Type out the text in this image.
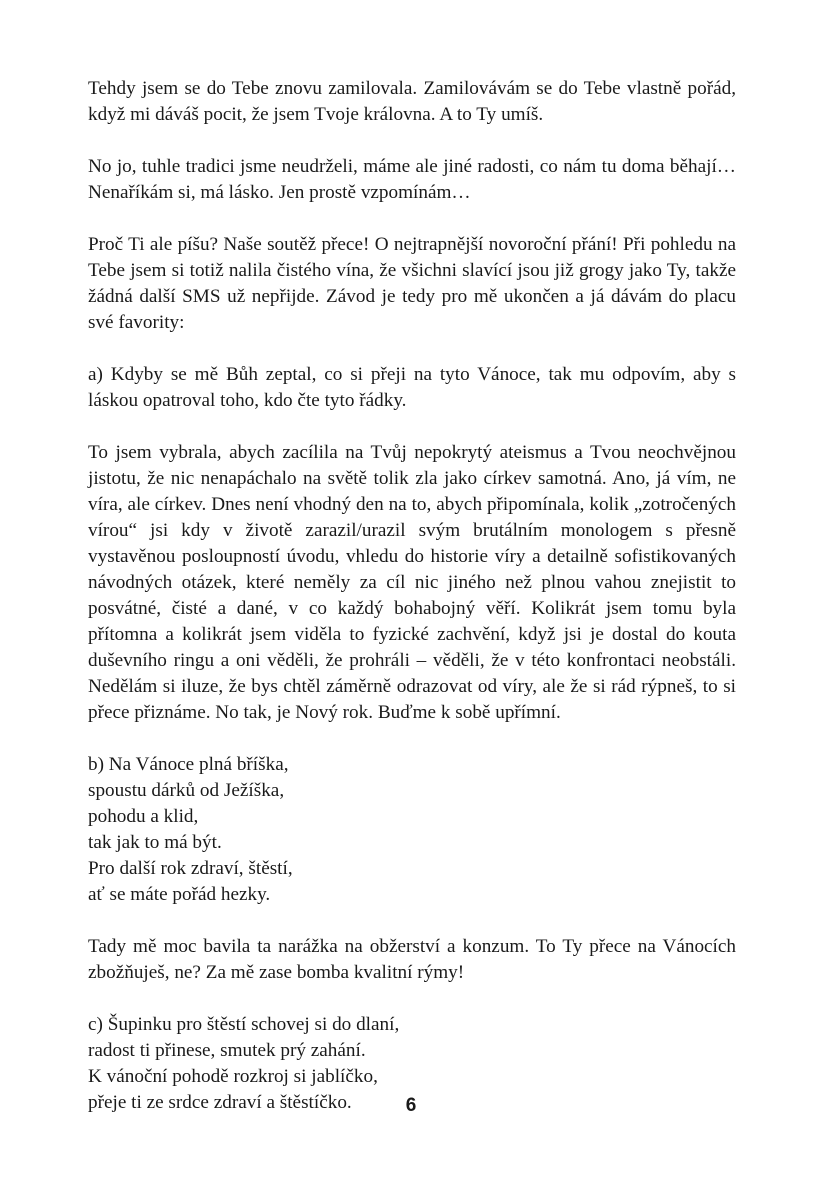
Tehdy jsem se do Tebe znovu zamilovala. Zamilovávám se do Tebe vlastně pořád, když mi dáváš pocit, že jsem Tvoje královna. A to Ty umíš.

No jo, tuhle tradici jsme neudrželi, máme ale jiné radosti, co nám tu doma běhají… Nenaříkám si, má lásko. Jen prostě vzpomínám…

Proč Ti ale píšu? Naše soutěž přece! O nejtrapnější novoroční přání! Při pohledu na Tebe jsem si totiž nalila čistého vína, že všichni slavící jsou již grogy jako Ty, takže žádná další SMS už nepřijde. Závod je tedy pro mě ukončen a já dávám do placu své favority:

a) Kdyby se mě Bůh zeptal, co si přeji na tyto Vánoce, tak mu odpovím, aby s láskou opatroval toho, kdo čte tyto řádky.

To jsem vybrala, abych zacílila na Tvůj nepokrytý ateismus a Tvou neochvějnou jistotu, že nic nenapáchalo na světě tolik zla jako církev samotná. Ano, já vím, ne víra, ale církev. Dnes není vhodný den na to, abych připomínala, kolik „zotročených vírou“ jsi kdy v životě zarazil/urazil svým brutálním monologem s přesně vystavěnou posloupností úvodu, vhledu do historie víry a detailně sofistikovaných návodných otázek, které neměly za cíl nic jiného než plnou vahou znejistit to posvátné, čisté a dané, v co každý bohabojný věří. Kolikrát jsem tomu byla přítomna a kolikrát jsem viděla to fyzické zachvění, když jsi je dostal do kouta duševního ringu a oni věděli, že prohráli – věděli, že v této konfrontaci neobstáli. Nedělám si iluze, že bys chtěl záměrně odrazovat od víry, ale že si rád rýpneš, to si přece přiznáme. No tak, je Nový rok. Buďme k sobě upřímní.

b) Na Vánoce plná bříška,
spoustu dárků od Ježíška,
pohodu a klid,
tak jak to má být.
Pro další rok zdraví, štěstí,
ať se máte pořád hezky.

Tady mě moc bavila ta narážka na obžerství a konzum. To Ty přece na Vánocích zbožňuješ, ne? Za mě zase bomba kvalitní rýmy!

c) Šupinku pro štěstí schovej si do dlaní,
radost ti přinese, smutek prý zahání.
K vánoční pohodě rozkroj si jablíčko,
přeje ti ze srdce zdraví a štěstíčko.	6
